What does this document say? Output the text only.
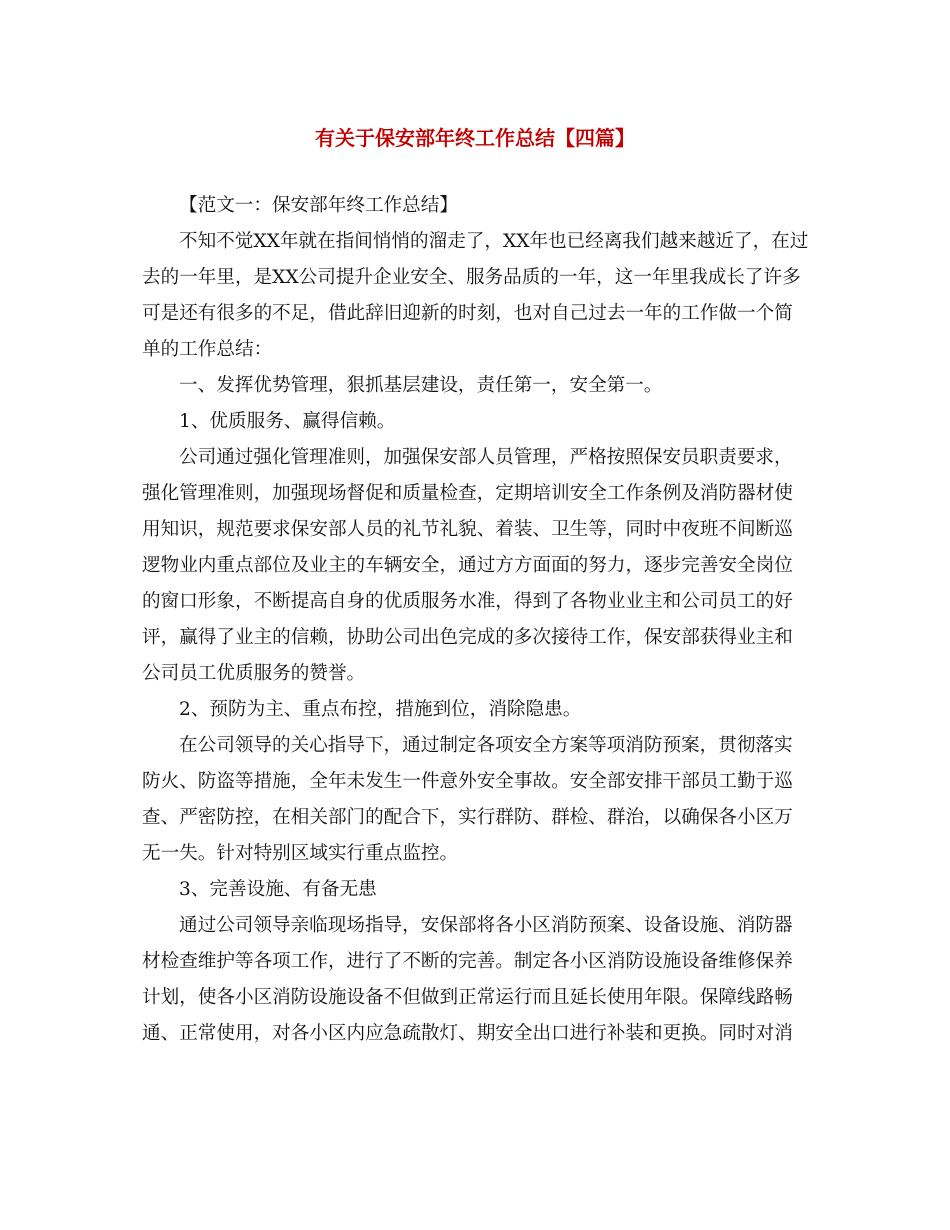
有关于保安部年终工作总结【四篇】
【范文一：保安部年终工作总结】
不知不觉XX年就在指间悄悄的溜走了，XX年也已经离我们越来越近了，在过
去的一年里，是XX公司提升企业安全、服务品质的一年，这一年里我成长了许多
可是还有很多的不足，借此辞旧迎新的时刻，也对自己过去一年的工作做一个简
单的工作总结：
一、发挥优势管理，狠抓基层建设，责任第一，安全第一。
1、优质服务、赢得信赖。
公司通过强化管理准则，加强保安部人员管理，严格按照保安员职责要求，
强化管理准则，加强现场督促和质量检查，定期培训安全工作条例及消防器材使
用知识，规范要求保安部人员的礼节礼貌、着装、卫生等，同时中夜班不间断巡
逻物业内重点部位及业主的车辆安全，通过方方面面的努力，逐步完善安全岗位
的窗口形象，不断提高自身的优质服务水准，得到了各物业业主和公司员工的好
评，赢得了业主的信赖，协助公司出色完成的多次接待工作，保安部获得业主和
公司员工优质服务的赞誉。
2、预防为主、重点布控，措施到位，消除隐患。
在公司领导的关心指导下，通过制定各项安全方案等项消防预案，贯彻落实
防火、防盗等措施，全年未发生一件意外安全事故。安全部安排干部员工勤于巡
查、严密防控，在相关部门的配合下，实行群防、群检、群治，以确保各小区万
无一失。针对特别区域实行重点监控。
3、完善设施、有备无患
通过公司领导亲临现场指导，安保部将各小区消防预案、设备设施、消防器
材检查维护等各项工作，进行了不断的完善。制定各小区消防设施设备维修保养
计划，使各小区消防设施设备不但做到正常运行而且延长使用年限。保障线路畅
通、正常使用，对各小区内应急疏散灯、期安全出口进行补装和更换。同时对消
